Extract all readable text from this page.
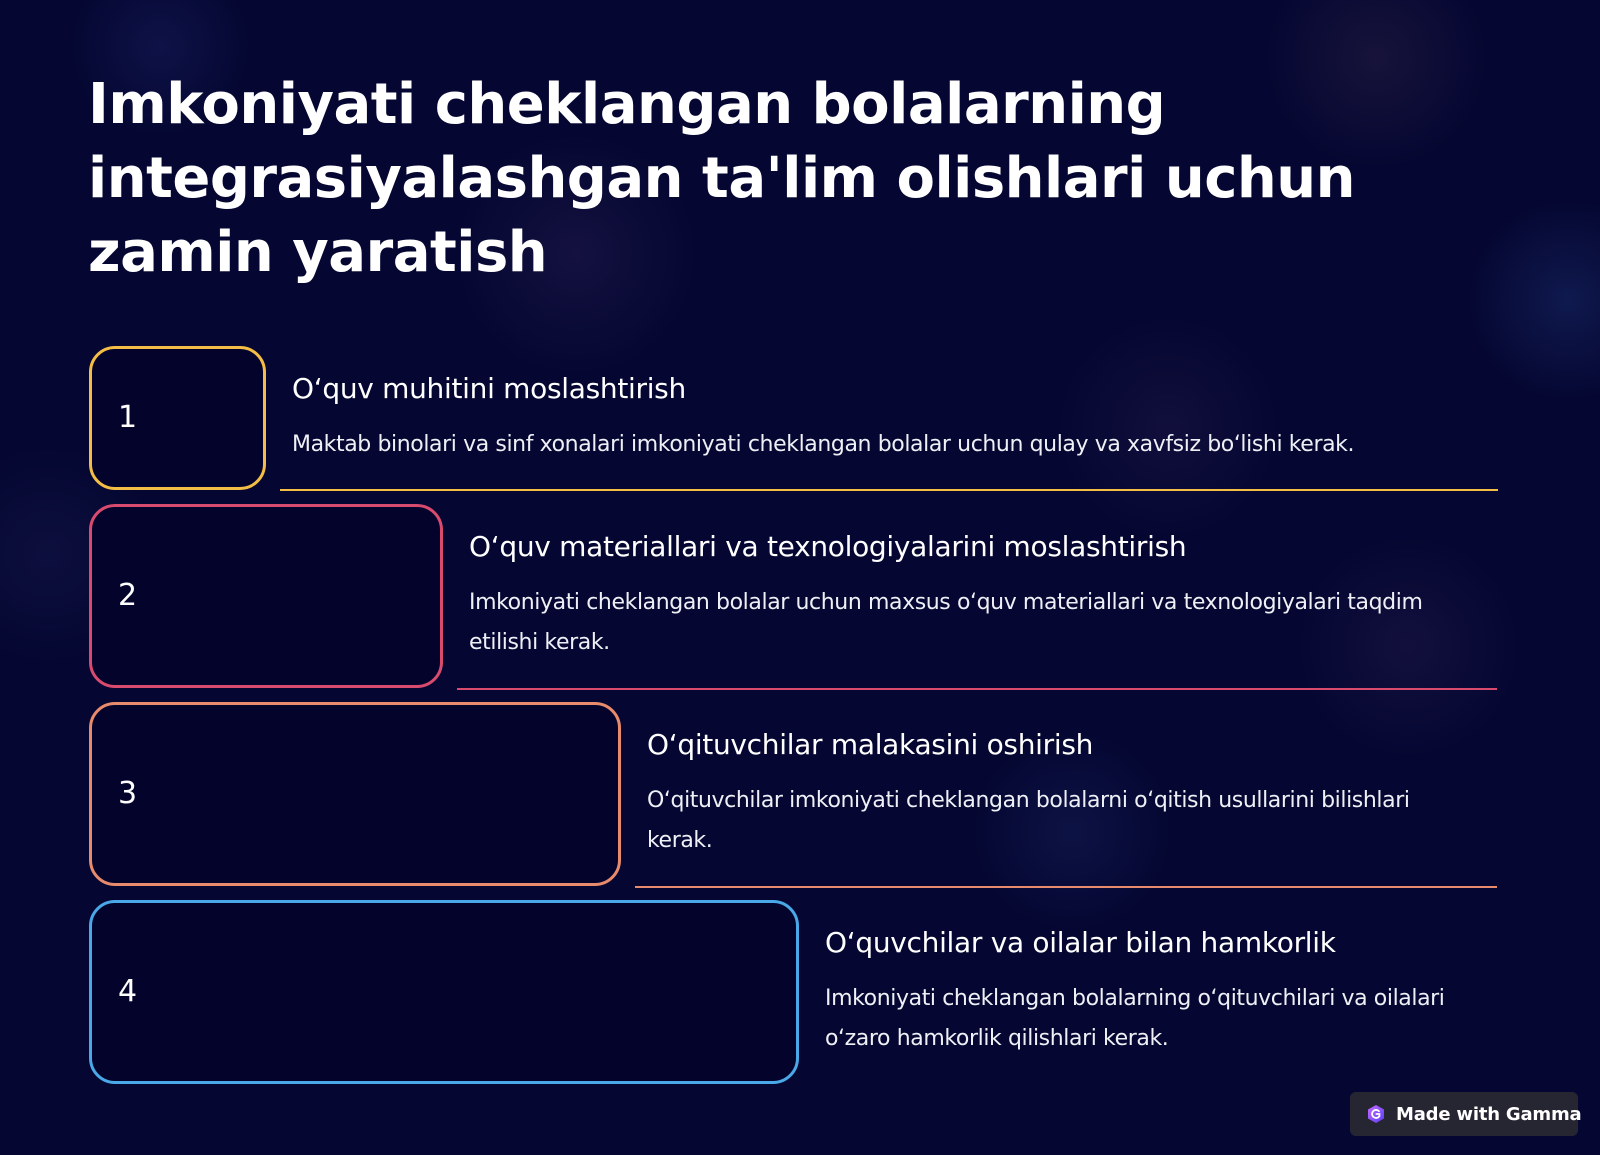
Imkoniyati cheklangan bolalarning integrasiyalashgan ta'lim olishlari uchun zamin yaratish
1
O‘quv muhitini moslashtirish

Maktab binolari va sinf xonalari imkoniyati cheklangan bolalar uchun qulay va xavfsiz bo‘lishi kerak.

2
O‘quv materiallari va texnologiyalarini moslashtirish

Imkoniyati cheklangan bolalar uchun maxsus o‘quv materiallari va texnologiyalari taqdim etilishi kerak.

3
O‘qituvchilar malakasini oshirish

O‘qituvchilar imkoniyati cheklangan bolalarni o‘qitish usullarini bilishlari kerak.

4
O‘quvchilar va oilalar bilan hamkorlik

Imkoniyati cheklangan bolalarning o‘qituvchilari va oilalari o‘zaro hamkorlik qilishlari kerak.

Made with Gamma
